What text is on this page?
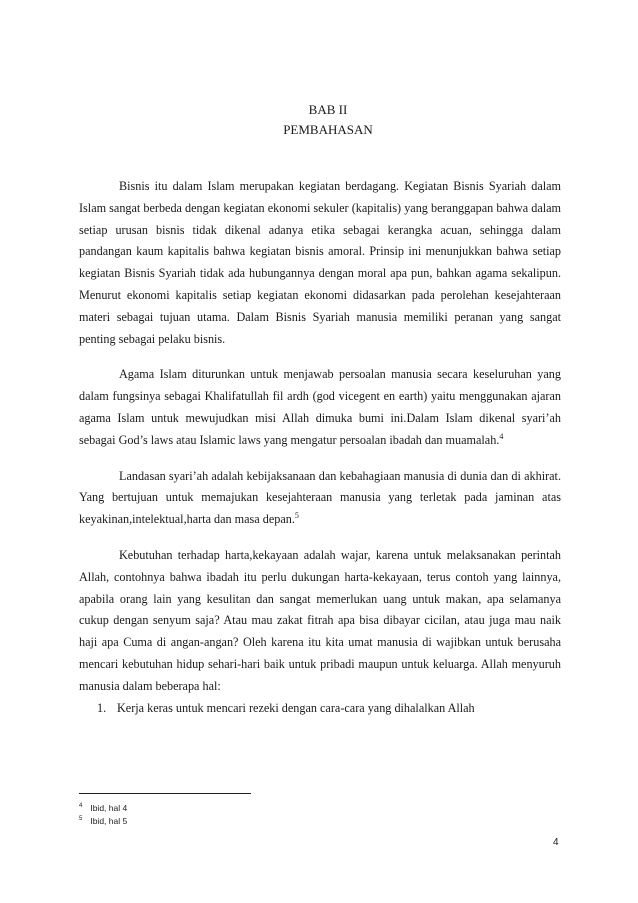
BAB II
PEMBAHASAN

Bisnis itu dalam Islam merupakan kegiatan berdagang. Kegiatan Bisnis Syariah dalam Islam sangat berbeda dengan kegiatan ekonomi sekuler (kapitalis) yang beranggapan bahwa dalam setiap urusan bisnis tidak dikenal adanya etika sebagai kerangka acuan, sehingga dalam pandangan kaum kapitalis bahwa kegiatan bisnis amoral. Prinsip ini menunjukkan bahwa setiap kegiatan Bisnis Syariah tidak ada hubungannya dengan moral apa pun, bahkan agama sekalipun. Menurut ekonomi kapitalis setiap kegiatan ekonomi didasarkan pada perolehan kesejahteraan materi sebagai tujuan utama. Dalam Bisnis Syariah manusia memiliki peranan yang sangat penting sebagai pelaku bisnis.

Agama Islam diturunkan untuk menjawab persoalan manusia secara keseluruhan yang dalam fungsinya sebagai Khalifatullah fil ardh (god vicegent en earth) yaitu menggunakan ajaran agama Islam untuk mewujudkan misi Allah dimuka bumi ini.Dalam Islam dikenal syari’ah sebagai God’s laws atau Islamic laws yang mengatur persoalan ibadah dan muamalah.$^4$

Landasan syari’ah adalah kebijaksanaan dan kebahagiaan manusia di dunia dan di akhirat. Yang bertujuan untuk memajukan kesejahteraan manusia yang terletak pada jaminan atas keyakinan,intelektual,harta dan masa depan.$^5$

Kebutuhan terhadap harta,kekayaan adalah wajar, karena untuk melaksanakan perintah Allah, contohnya bahwa ibadah itu perlu dukungan harta-kekayaan, terus contoh yang lainnya, apabila orang lain yang kesulitan dan sangat memerlukan uang untuk makan, apa selamanya cukup dengan senyum saja? Atau mau zakat fitrah apa bisa dibayar cicilan, atau juga mau naik haji apa Cuma di angan-angan? Oleh karena itu kita umat manusia di wajibkan untuk berusaha mencari kebutuhan hidup sehari-hari baik untuk pribadi maupun untuk keluarga. Allah menyuruh manusia dalam beberapa hal:

1. Kerja keras untuk mencari rezeki dengan cara-cara yang dihalalkan Allah
$^4$ Ibid, hal 4
$^5$ Ibid, hal 5
4
